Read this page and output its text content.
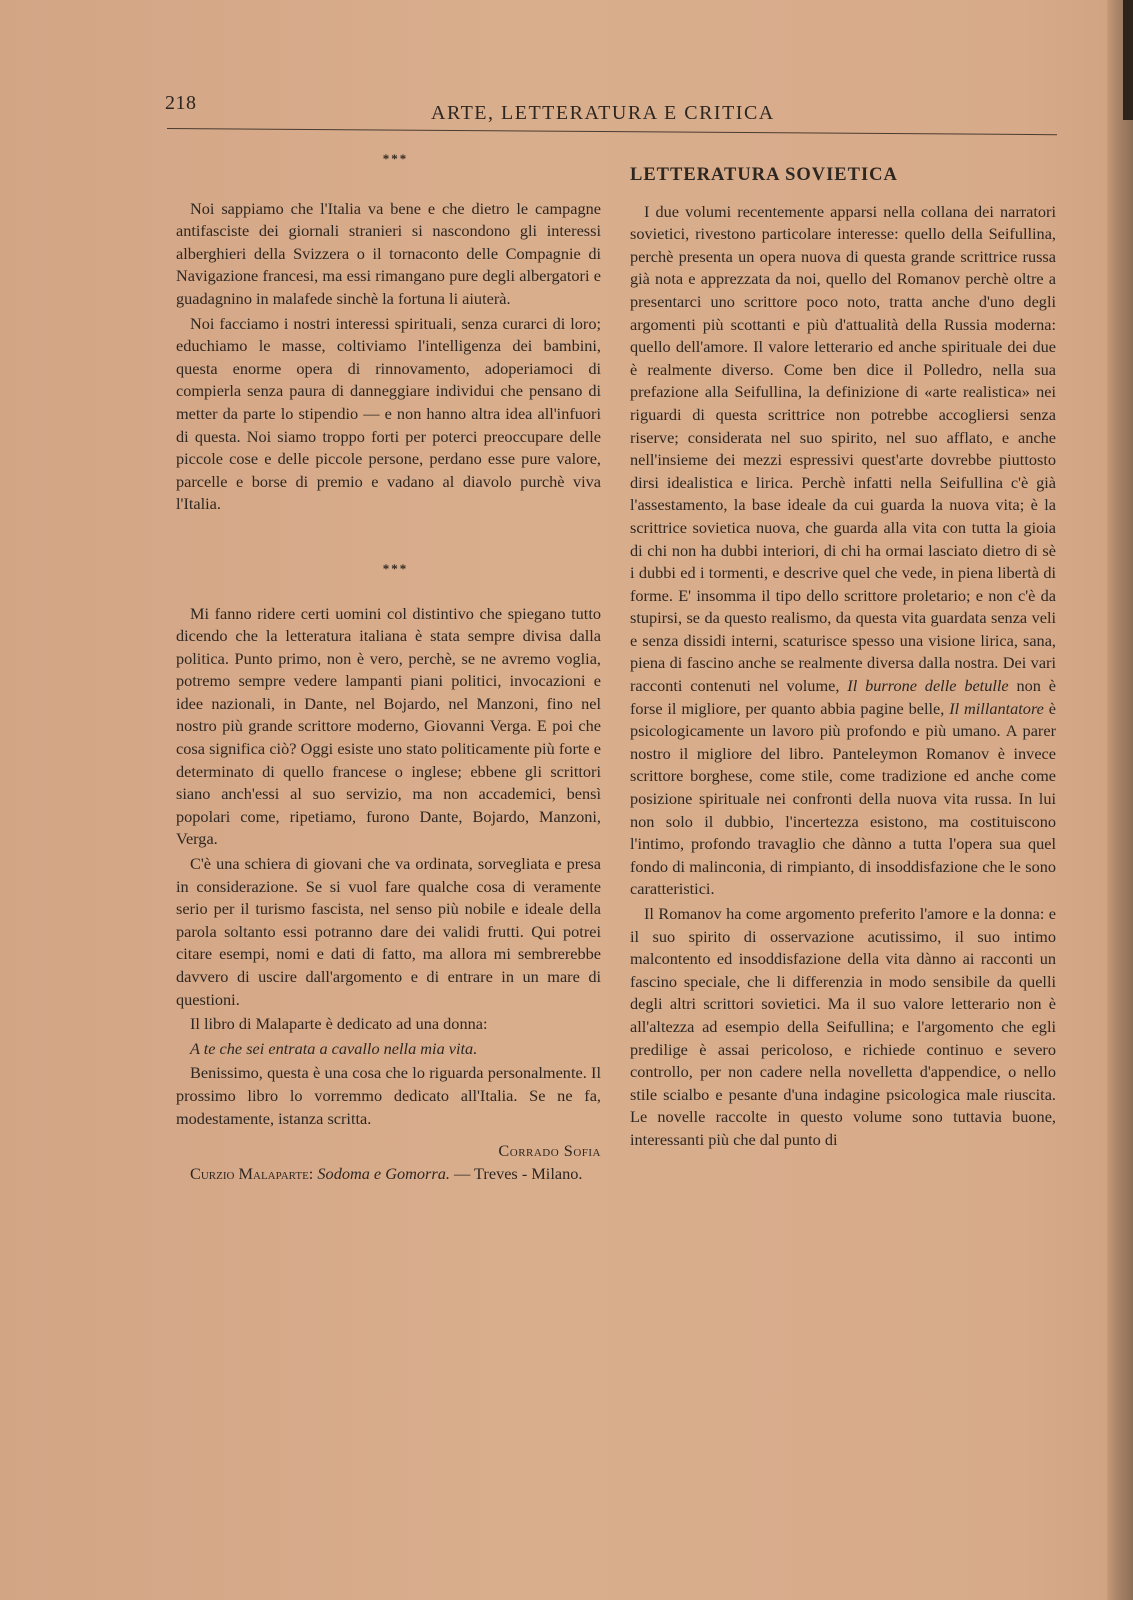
218	ARTE, LETTERATURA E CRITICA
***

Noi sappiamo che l'Italia va bene e che dietro le campagne antifasciste dei giornali stranieri si nascondono gli interessi alberghieri della Svizzera o il tornaconto delle Compagnie di Navigazione francesi, ma essi rimangano pure degli albergatori e guadagnino in malafede sinchè la fortuna li aiuterà.

Noi facciamo i nostri interessi spirituali, senza curarci di loro; educhiamo le masse, coltiviamo l'intelligenza dei bambini, questa enorme opera di rinnovamento, adoperiamoci di compierla senza paura di danneggiare individui che pensano di metter da parte lo stipendio — e non hanno altra idea all'infuori di questa. Noi siamo troppo forti per poterci preoccupare delle piccole cose e delle piccole persone, perdano esse pure valore, parcelle e borse di premio e vadano al diavolo purchè viva l'Italia.

***

Mi fanno ridere certi uomini col distintivo che spiegano tutto dicendo che la letteratura italiana è stata sempre divisa dalla politica. Punto primo, non è vero, perchè, se ne avremo voglia, potremo sempre vedere lampanti piani politici, invocazioni e idee nazionali, in Dante, nel Bojardo, nel Manzoni, fino nel nostro più grande scrittore moderno, Giovanni Verga. E poi che cosa significa ciò? Oggi esiste uno stato politicamente più forte e determinato di quello francese o inglese; ebbene gli scrittori siano anch'essi al suo servizio, ma non accademici, bensì popolari come, ripetiamo, furono Dante, Bojardo, Manzoni, Verga.

C'è una schiera di giovani che va ordinata, sorvegliata e presa in considerazione. Se si vuol fare qualche cosa di veramente serio per il turismo fascista, nel senso più nobile e ideale della parola soltanto essi potranno dare dei validi frutti. Qui potrei citare esempi, nomi e dati di fatto, ma allora mi sembrerebbe davvero di uscire dall'argomento e di entrare in un mare di questioni.

Il libro di Malaparte è dedicato ad una donna:

A te che sei entrata a cavallo nella mia vita.

Benissimo, questa è una cosa che lo riguarda personalmente. Il prossimo libro lo vorremmo dedicato all'Italia. Se ne fa, modestamente, istanza scritta.

Corrado Sofia

Curzio Malaparte: Sodoma e Gomorra. — Treves - Milano.

LETTERATURA SOVIETICA

I due volumi recentemente apparsi nella collana dei narratori sovietici, rivestono particolare interesse: quello della Seifullina, perchè presenta un opera nuova di questa grande scrittrice russa già nota e apprezzata da noi, quello del Romanov perchè oltre a presentarci uno scrittore poco noto, tratta anche d'uno degli argomenti più scottanti e più d'attualità della Russia moderna: quello dell'amore. Il valore letterario ed anche spirituale dei due è realmente diverso. Come ben dice il Polledro, nella sua prefazione alla Seifullina, la definizione di «arte realistica» nei riguardi di questa scrittrice non potrebbe accogliersi senza riserve; considerata nel suo spirito, nel suo afflato, e anche nell'insieme dei mezzi espressivi quest'arte dovrebbe piuttosto dirsi idealistica e lirica. Perchè infatti nella Seifullina c'è già l'assestamento, la base ideale da cui guarda la nuova vita; è la scrittrice sovietica nuova, che guarda alla vita con tutta la gioia di chi non ha dubbi interiori, di chi ha ormai lasciato dietro di sè i dubbi ed i tormenti, e descrive quel che vede, in piena libertà di forme. E' insomma il tipo dello scrittore proletario; e non c'è da stupirsi, se da questo realismo, da questa vita guardata senza veli e senza dissidi interni, scaturisce spesso una visione lirica, sana, piena di fascino anche se realmente diversa dalla nostra. Dei vari racconti contenuti nel volume, Il burrone delle betulle non è forse il migliore, per quanto abbia pagine belle, Il millantatore è psicologicamente un lavoro più profondo e più umano. A parer nostro il migliore del libro. Panteleymon Romanov è invece scrittore borghese, come stile, come tradizione ed anche come posizione spirituale nei confronti della nuova vita russa. In lui non solo il dubbio, l'incertezza esistono, ma costituiscono l'intimo, profondo travaglio che dànno a tutta l'opera sua quel fondo di malinconia, di rimpianto, di insoddisfazione che le sono caratteristici.

Il Romanov ha come argomento preferito l'amore e la donna: e il suo spirito di osservazione acutissimo, il suo intimo malcontento ed insoddisfazione della vita dànno ai racconti un fascino speciale, che li differenzia in modo sensibile da quelli degli altri scrittori sovietici. Ma il suo valore letterario non è all'altezza ad esempio della Seifullina; e l'argomento che egli predilige è assai pericoloso, e richiede continuo e severo controllo, per non cadere nella novelletta d'appendice, o nello stile scialbo e pesante d'una indagine psicologica male riuscita. Le novelle raccolte in questo volume sono tuttavia buone, interessanti più che dal punto di
